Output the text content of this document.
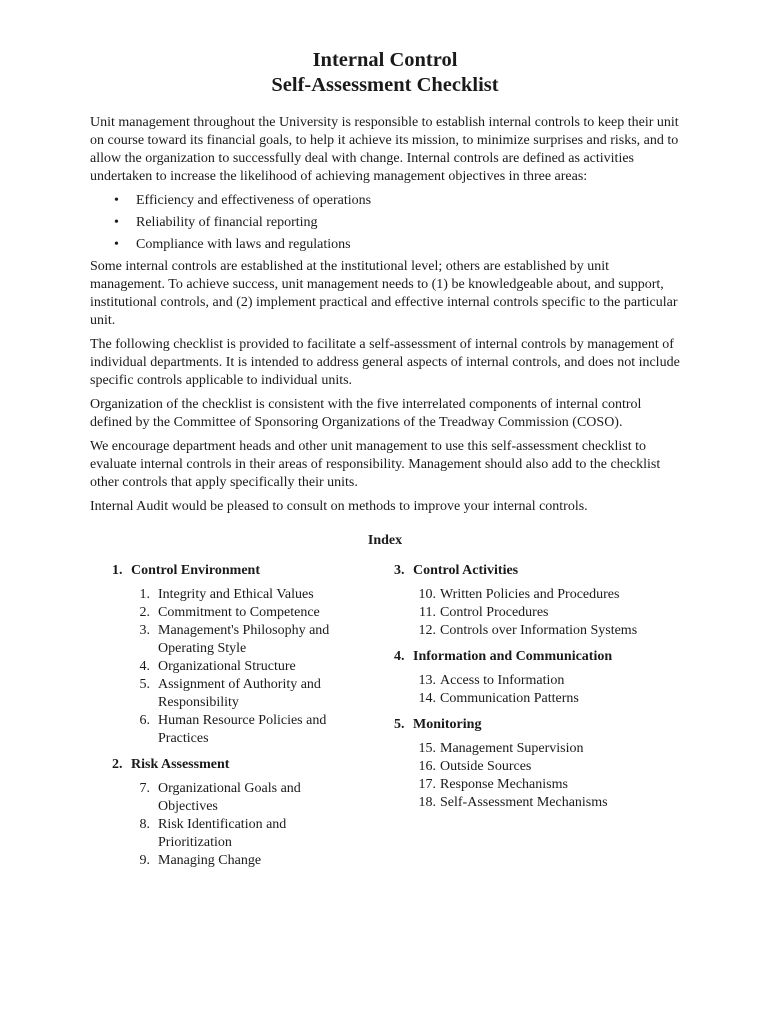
Internal Control
Self-Assessment Checklist

Unit management throughout the University is responsible to establish internal controls to keep their unit on course toward its financial goals, to help it achieve its mission, to minimize surprises and risks, and to allow the organization to successfully deal with change. Internal controls are defined as activities undertaken to increase the likelihood of achieving management objectives in three areas:

• Efficiency and effectiveness of operations
• Reliability of financial reporting
• Compliance with laws and regulations

Some internal controls are established at the institutional level; others are established by unit management. To achieve success, unit management needs to (1) be knowledgeable about, and support, institutional controls, and (2) implement practical and effective internal controls specific to the particular unit.

The following checklist is provided to facilitate a self-assessment of internal controls by management of individual departments. It is intended to address general aspects of internal controls, and does not include specific controls applicable to individual units.

Organization of the checklist is consistent with the five interrelated components of internal control defined by the Committee of Sponsoring Organizations of the Treadway Commission (COSO).

We encourage department heads and other unit management to use this self-assessment checklist to evaluate internal controls in their areas of responsibility. Management should also add to the checklist other controls that apply specifically their units.

Internal Audit would be pleased to consult on methods to improve your internal controls.

Index
1. Control Environment
1. Integrity and Ethical Values
2. Commitment to Competence
3. Management's Philosophy and Operating Style
4. Organizational Structure
5. Assignment of Authority and Responsibility
6. Human Resource Policies and Practices
2. Risk Assessment
7. Organizational Goals and Objectives
8. Risk Identification and Prioritization
9. Managing Change
3. Control Activities
10. Written Policies and Procedures
11. Control Procedures
12. Controls over Information Systems
4. Information and Communication
13. Access to Information
14. Communication Patterns
5. Monitoring
15. Management Supervision
16. Outside Sources
17. Response Mechanisms
18. Self-Assessment Mechanisms
